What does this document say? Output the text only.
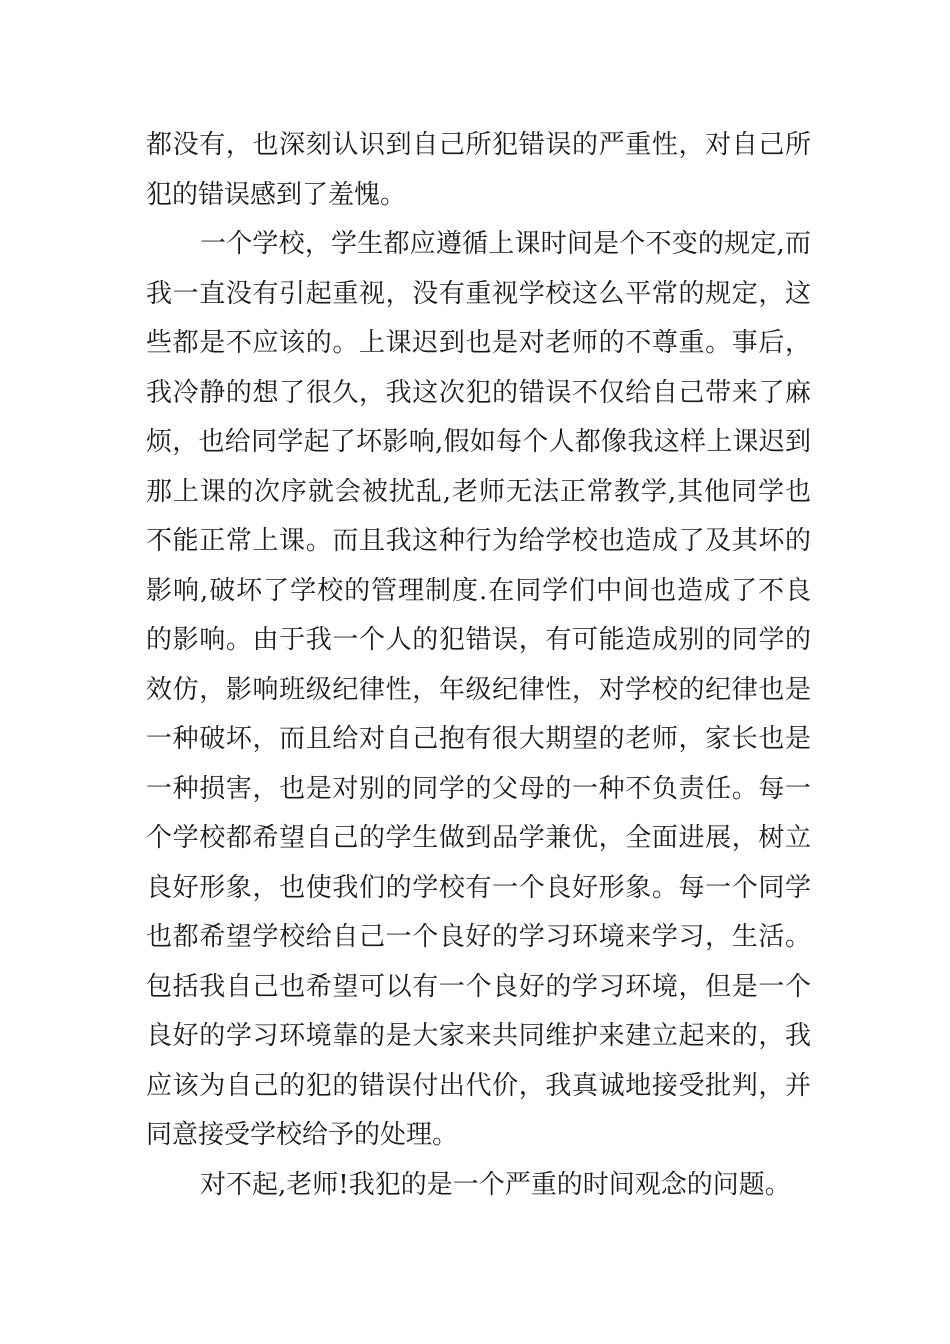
都没有，也深刻认识到自己所犯错误的严重性，对自己所
犯的错误感到了羞愧。
一个学校，学生都应遵循上课时间是个不变的规定,而
我一直没有引起重视，没有重视学校这么平常的规定，这
些都是不应该的。上课迟到也是对老师的不尊重。事后，
我冷静的想了很久，我这次犯的错误不仅给自己带来了麻
烦，也给同学起了坏影响,假如每个人都像我这样上课迟到
那上课的次序就会被扰乱,老师无法正常教学,其他同学也
不能正常上课。而且我这种行为给学校也造成了及其坏的
影响,破坏了学校的管理制度.在同学们中间也造成了不良
的影响。由于我一个人的犯错误，有可能造成别的同学的
效仿，影响班级纪律性，年级纪律性，对学校的纪律也是
一种破坏，而且给对自己抱有很大期望的老师，家长也是
一种损害，也是对别的同学的父母的一种不负责任。每一
个学校都希望自己的学生做到品学兼优，全面进展，树立
良好形象，也使我们的学校有一个良好形象。每一个同学
也都希望学校给自己一个良好的学习环境来学习，生活。
包括我自己也希望可以有一个良好的学习环境，但是一个
良好的学习环境靠的是大家来共同维护来建立起来的，我
应该为自己的犯的错误付出代价，我真诚地接受批判，并
同意接受学校给予的处理。
对不起,老师!我犯的是一个严重的时间观念的问题。
